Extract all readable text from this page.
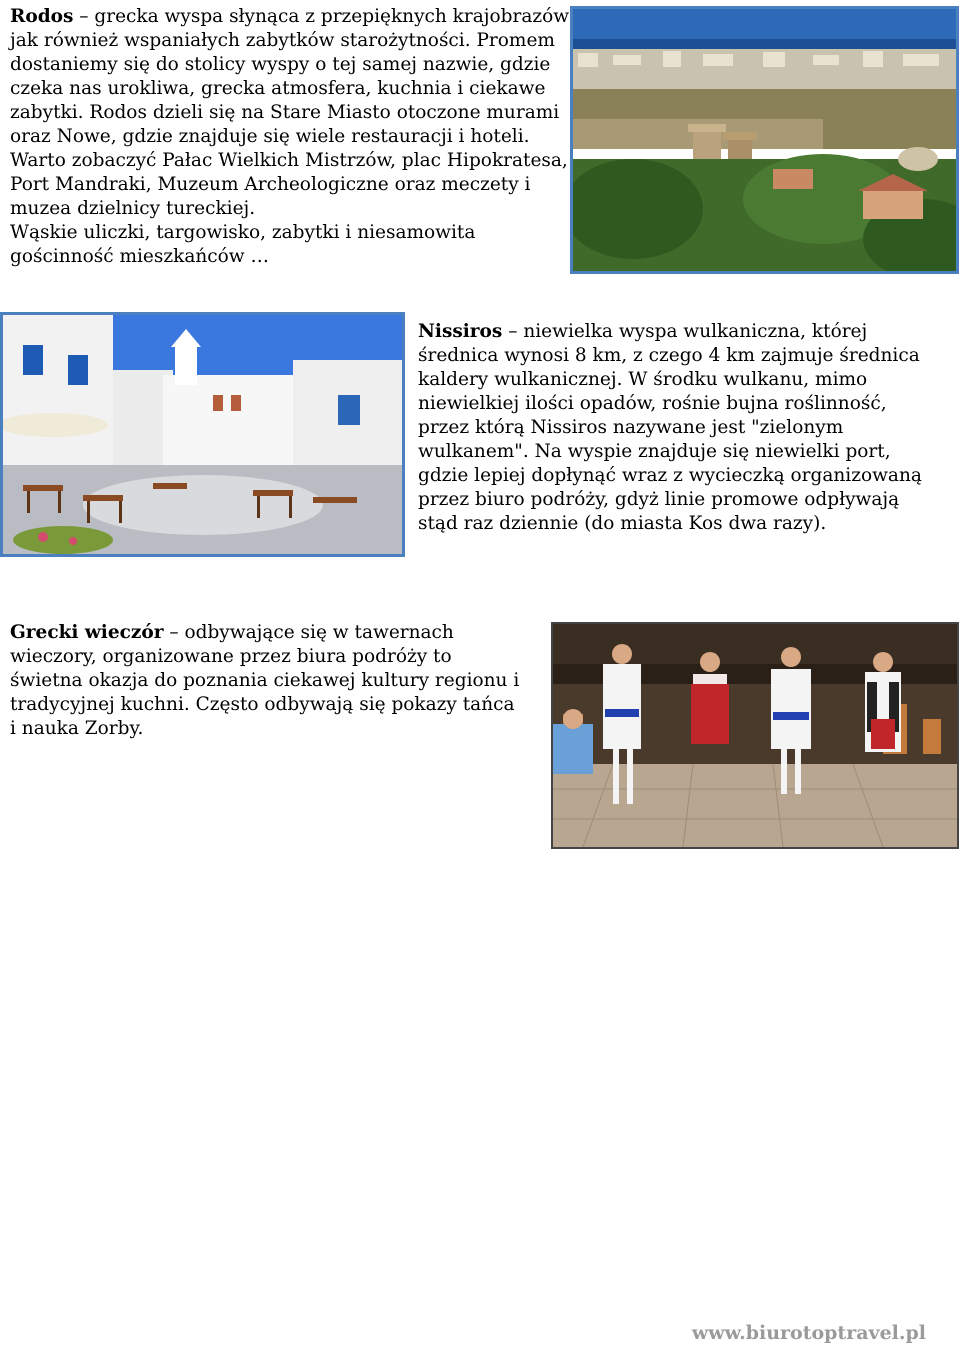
Rodos – grecka wyspa słynąca z przepięknych krajobrazów jak również wspaniałych zabytków starożytności. Promem dostaniemy się do stolicy wyspy o tej samej nazwie, gdzie czeka nas urokliwa, grecka atmosfera, kuchnia i ciekawe zabytki. Rodos dzieli się na Stare Miasto otoczone murami oraz Nowe, gdzie znajduje się wiele restauracji i hoteli. Warto zobaczyć Pałac Wielkich Mistrzów, plac Hipokratesa, Port Mandraki, Muzeum Archeologiczne oraz meczety i muzea dzielnicy tureckiej.
Wąskie uliczki, targowisko, zabytki i niesamowita gościnność mieszkańców …

Nissiros – niewielka wyspa wulkaniczna, której średnica wynosi 8 km, z czego 4 km zajmuje średnica kaldery wulkanicznej. W środku wulkanu, mimo niewielkiej ilości opadów, rośnie bujna roślinność, przez którą Nissiros nazywane jest "zielonym wulkanem". Na wyspie znajduje się niewielki port, gdzie lepiej dopłynąć wraz z wycieczką organizowaną przez biuro podróży, gdyż linie promowe odpływają stąd raz dziennie (do miasta Kos dwa razy).

Grecki wieczór – odbywające się w tawernach wieczory, organizowane przez biura podróży to świetna okazja do poznania ciekawej kultury regionu i tradycyjnej kuchni. Często odbywają się pokazy tańca i nauka Zorby.

www.biurotoptravel.pl
